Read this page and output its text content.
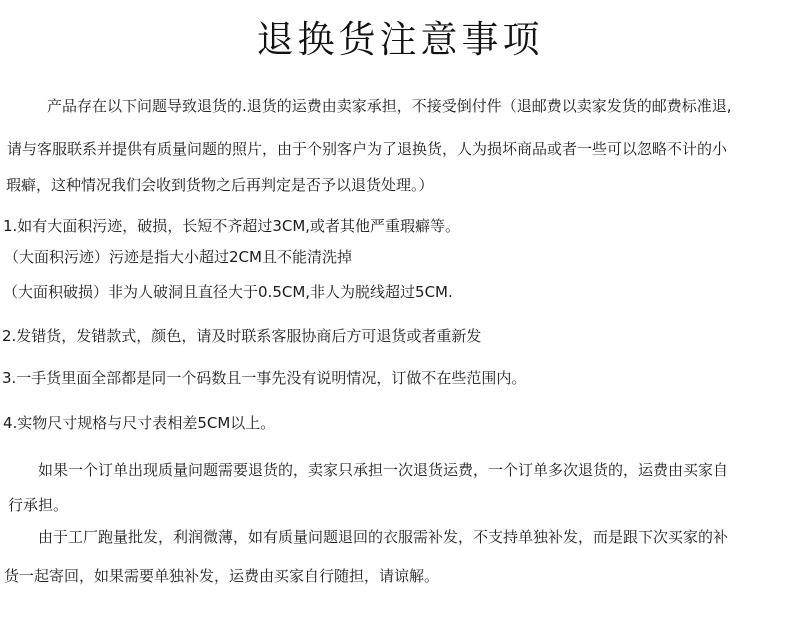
退换货注意事项
产品存在以下问题导致退货的.退货的运费由卖家承担，不接受倒付件（退邮费以卖家发货的邮费标准退,
请与客服联系并提供有质量问题的照片，由于个别客户为了退换货，人为损坏商品或者一些可以忽略不计的小
瑕癖，这种情况我们会收到货物之后再判定是否予以退货处理。）
1.如有大面积污迹，破损，长短不齐超过3CM,或者其他严重瑕癖等。
（大面积污迹）污迹是指大小超过2CM且不能清洗掉
（大面积破损）非为人破洞且直径大于0.5CM,非人为脱线超过5CM.
2.发错货，发错款式，颜色，请及时联系客服协商后方可退货或者重新发
3.一手货里面全部都是同一个码数且一事先没有说明情况，订做不在些范围内。
4.实物尺寸规格与尺寸表相差5CM以上。
如果一个订单出现质量问题需要退货的，卖家只承担一次退货运费，一个订单多次退货的，运费由买家自
行承担。
由于工厂跑量批发，利润微薄，如有质量问题退回的衣服需补发，不支持单独补发，而是跟下次买家的补
货一起寄回，如果需要单独补发，运费由买家自行随担，请谅解。
